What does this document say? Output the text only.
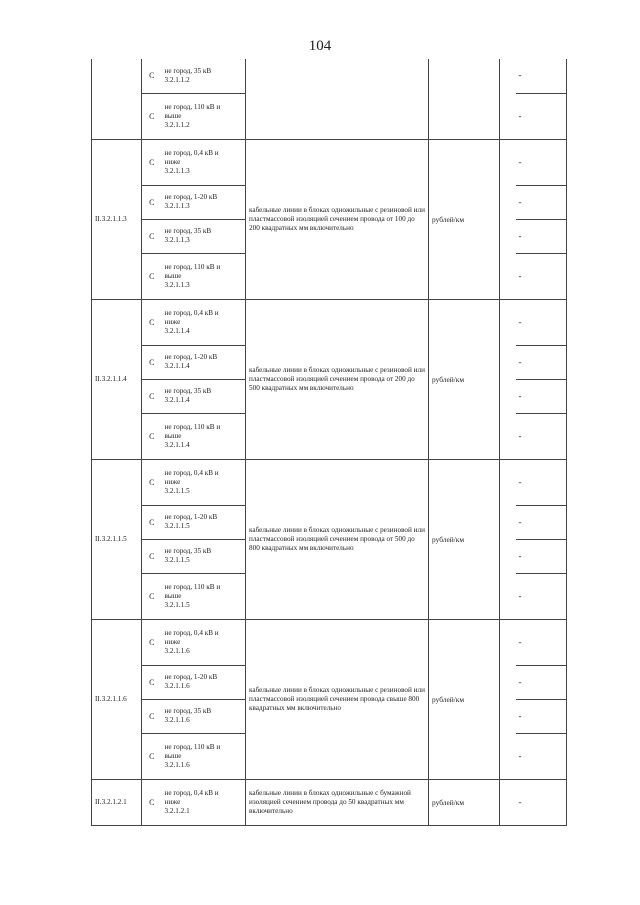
104
	С	не город, 35 кВ
3.2.1.1.2				-
	С	не город, 110 кВ и
выше
3.2.1.1.2				-
II.3.2.1.1.3	С	не город, 0,4 кВ и
ниже
3.2.1.1.3	кабельные линии в блоках одножильные с резиновой или пластмассовой изоляцией сечением провода от 100 до 200 квадратных мм включительно	рублей/км		-
	С	не город, 1-20 кВ
3.2.1.1.3				-
	С	не город, 35 кВ
3.2.1.1.3				-
	С	не город, 110 кВ и
выше
3.2.1.1.3				-
II.3.2.1.1.4	С	не город, 0,4 кВ и
ниже
3.2.1.1.4	кабельные линии в блоках одножильные с резиновой или пластмассовой изоляцией сечением провода от 200 до 500 квадратных мм включительно	рублей/км		-
	С	не город, 1-20 кВ
3.2.1.1.4				-
	С	не город, 35 кВ
3.2.1.1.4				-
	С	не город, 110 кВ и
выше
3.2.1.1.4				-
II.3.2.1.1.5	С	не город, 0,4 кВ и
ниже
3.2.1.1.5	кабельные линии в блоках одножильные с резиновой или пластмассовой изоляцией сечением провода от 500 до 800 квадратных мм включительно	рублей/км		-
	С	не город, 1-20 кВ
3.2.1.1.5				-
	С	не город, 35 кВ
3.2.1.1.5				-
	С	не город, 110 кВ и
выше
3.2.1.1.5				-
II.3.2.1.1.6	С	не город, 0,4 кВ и
ниже
3.2.1.1.6	кабельные линии в блоках одножильные с резиновой или пластмассовой изоляцией сечением провода свыше 800 квадратных мм включительно	рублей/км		-
	С	не город, 1-20 кВ
3.2.1.1.6				-
	С	не город, 35 кВ
3.2.1.1.6				-
	С	не город, 110 кВ и
выше
3.2.1.1.6				-
II.3.2.1.2.1	С	не город, 0,4 кВ и
ниже
3.2.1.2.1	кабельные линии в блоках одножильные с бумажной изоляцией сечением провода до 50 квадратных мм включительно	рублей/км		-
